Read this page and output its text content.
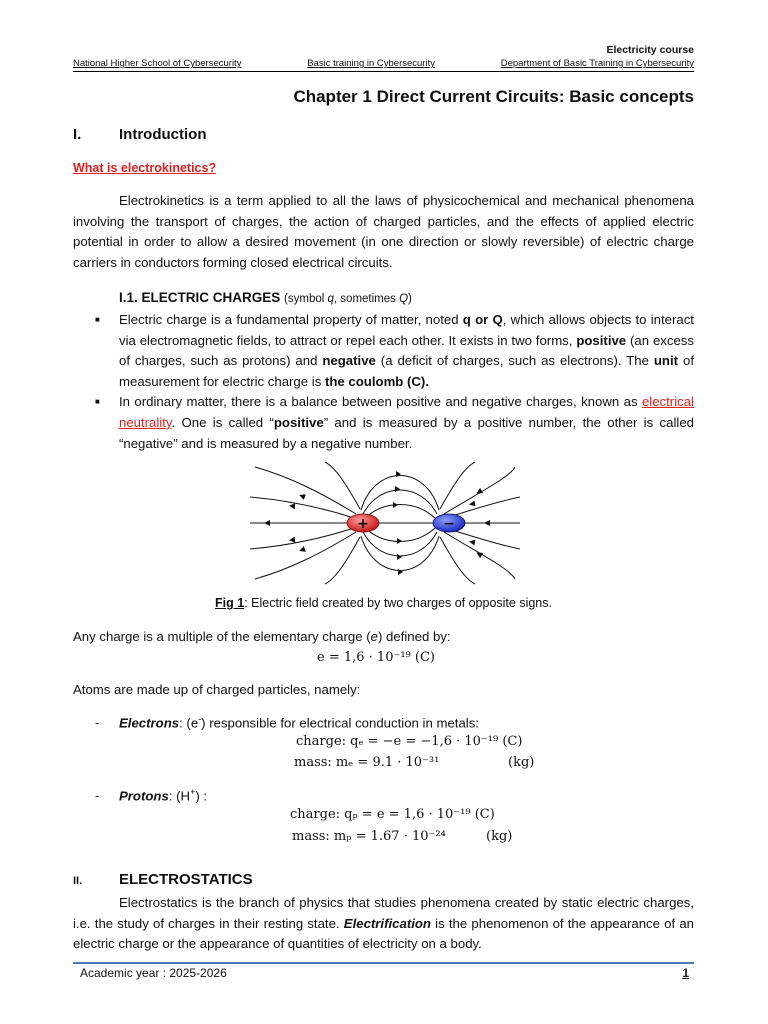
Electricity course
National Higher School of Cybersecurity	Basic training in Cybersecurity	Department of Basic Training in Cybersecurity
Chapter 1 Direct Current Circuits: Basic concepts
I.	Introduction
What is electrokinetics?
Electrokinetics is a term applied to all the laws of physicochemical and mechanical phenomena involving the transport of charges, the action of charged particles, and the effects of applied electric potential in order to allow a desired movement (in one direction or slowly reversible) of electric charge carriers in conductors forming closed electrical circuits.
I.1. ELECTRIC CHARGES (symbol q, sometimes Q)
■ Electric charge is a fundamental property of matter, noted q or Q, which allows objects to interact via electromagnetic fields, to attract or repel each other. It exists in two forms, positive (an excess of charges, such as protons) and negative (a deficit of charges, such as electrons). The unit of measurement for electric charge is the coulomb (C).
■ In ordinary matter, there is a balance between positive and negative charges, known as electrical neutrality. One is called “positive” and is measured by a positive number, the other is called “negative” and is measured by a negative number.
+	−
Fig 1: Electric field created by two charges of opposite signs.
Any charge is a multiple of the elementary charge (e) defined by:
e = 1,6 · 10⁻¹⁹ (C)
Atoms are made up of charged particles, namely:
- Electrons: (e-) responsible for electrical conduction in metals:
charge: qₑ = −e = −1,6 · 10⁻¹⁹ (C)
mass: mₑ = 9.1 · 10⁻³¹	(kg)
- Protons: (H+) :
charge: qₚ = e = 1,6 · 10⁻¹⁹ (C)
mass: mₚ = 1.67 · 10⁻²⁴	(kg)
II. ELECTROSTATICS
Electrostatics is the branch of physics that studies phenomena created by static electric charges, i.e. the study of charges in their resting state. Electrification is the phenomenon of the appearance of an electric charge or the appearance of quantities of electricity on a body.
Academic year : 2025-2026	1
